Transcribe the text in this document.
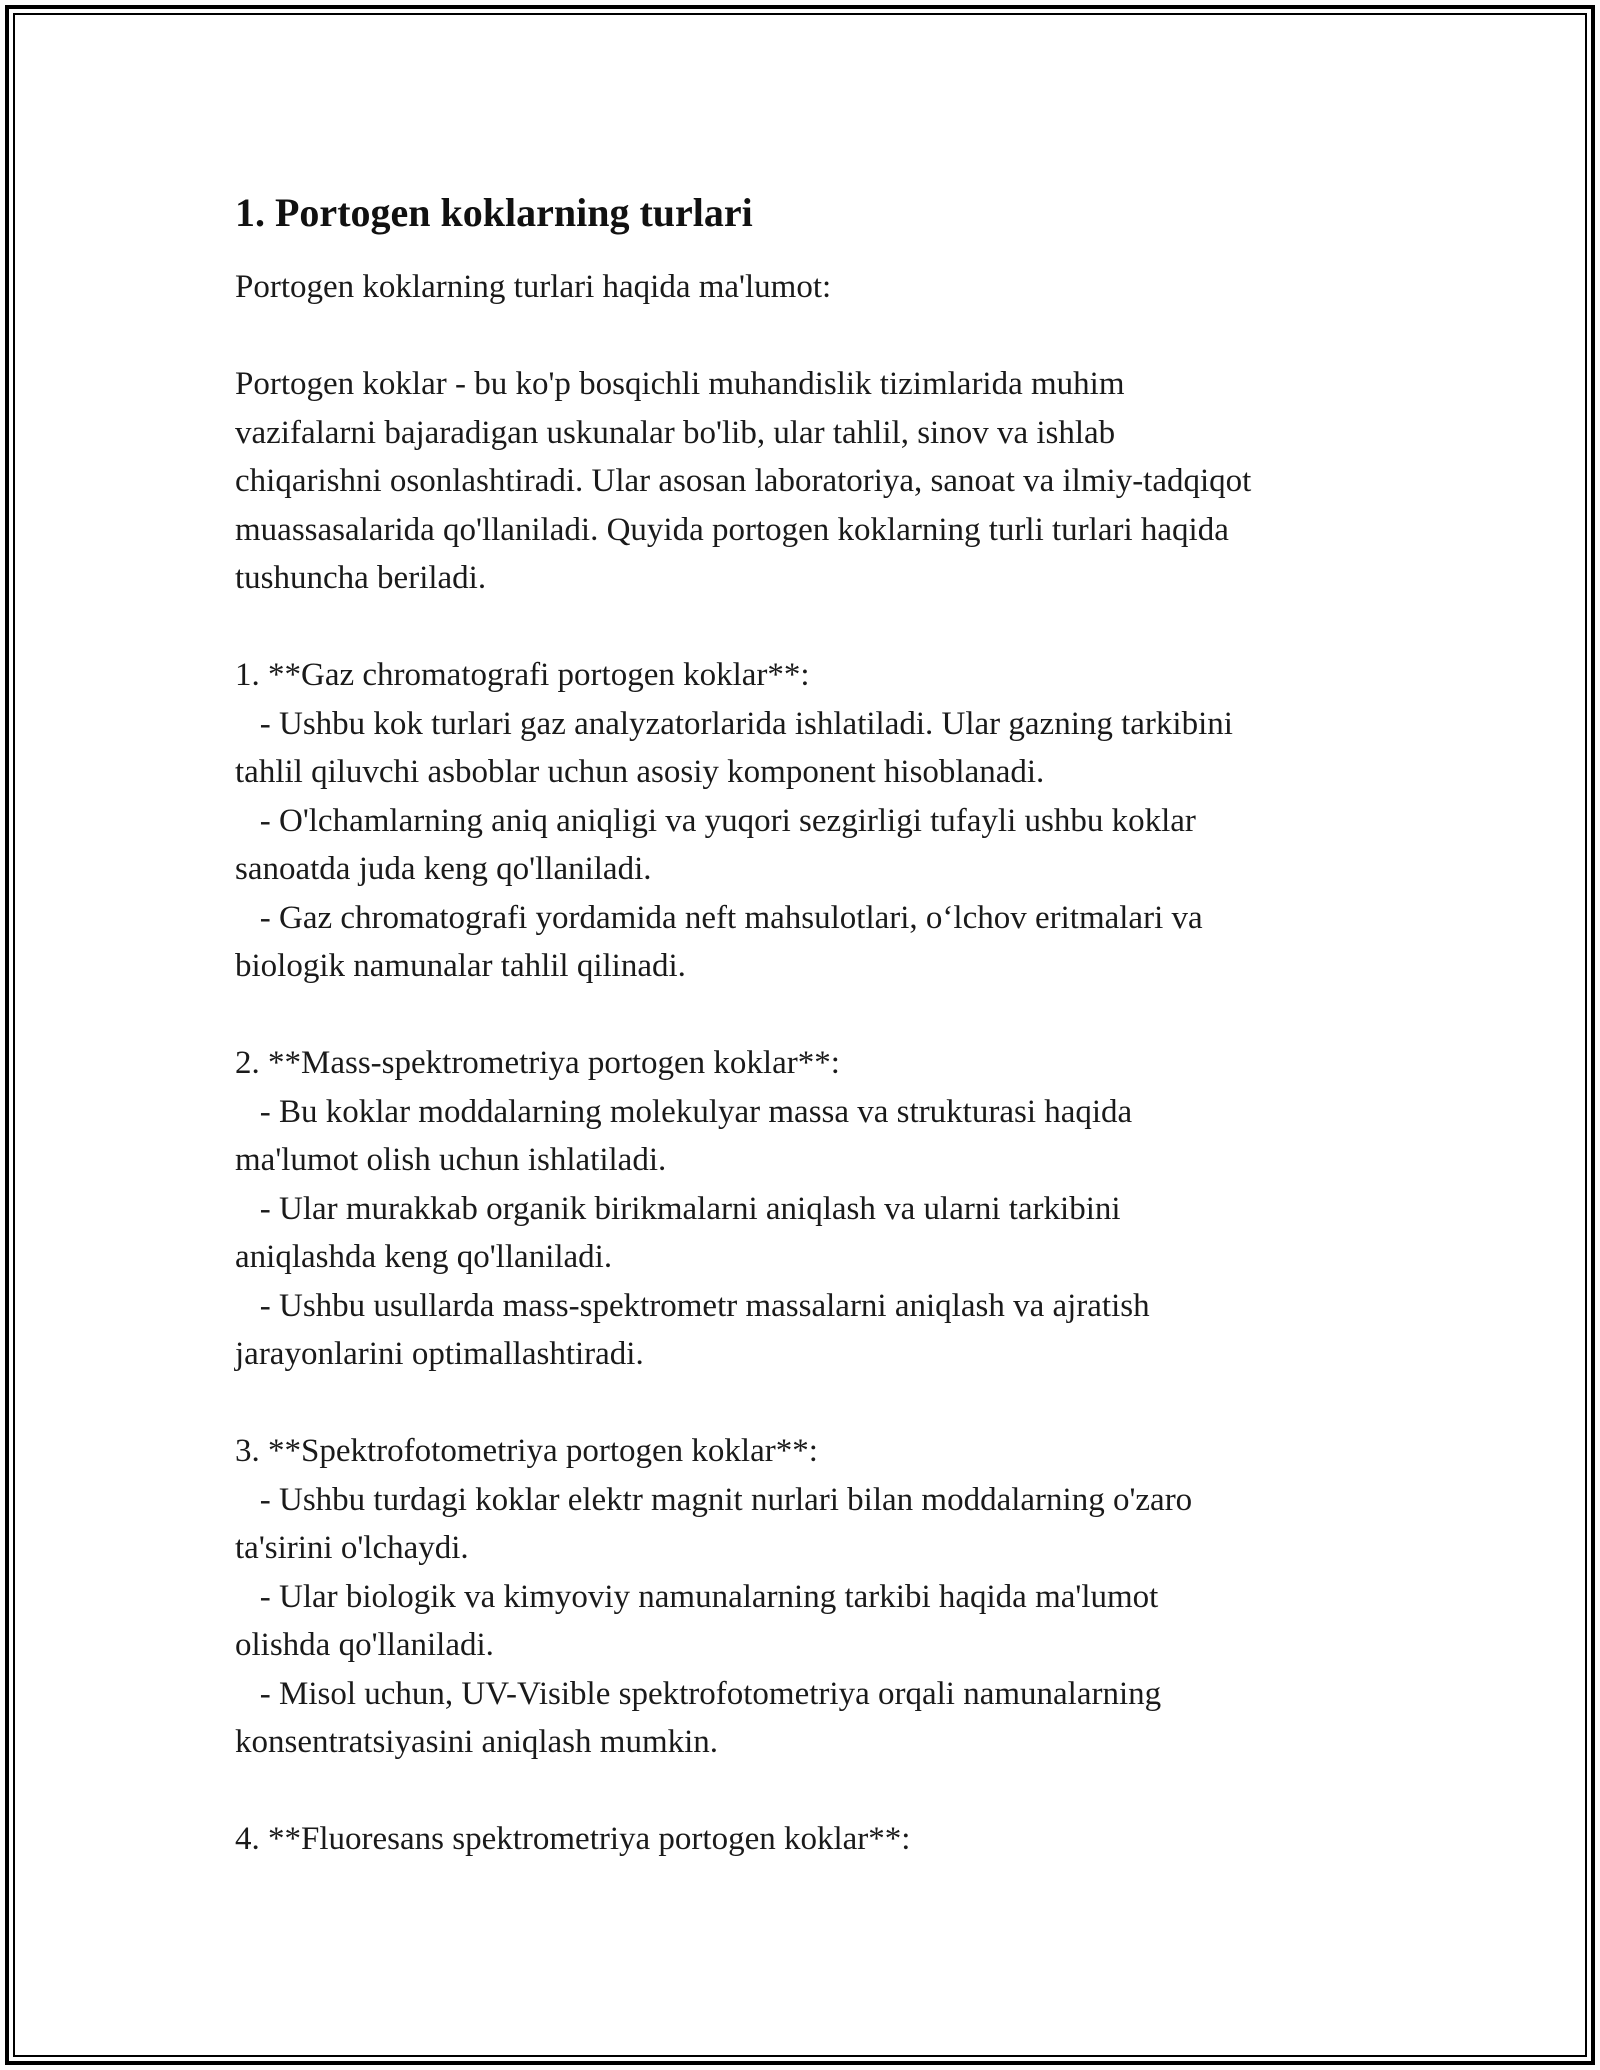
1. Portogen koklarning turlari
Portogen koklarning turlari haqida ma'lumot:
Portogen koklar - bu ko'p bosqichli muhandislik tizimlarida muhim
vazifalarni bajaradigan uskunalar bo'lib, ular tahlil, sinov va ishlab
chiqarishni osonlashtiradi. Ular asosan laboratoriya, sanoat va ilmiy-tadqiqot
muassasalarida qo'llaniladi. Quyida portogen koklarning turli turlari haqida
tushuncha beriladi.
1. **Gaz chromatografi portogen koklar**:
- Ushbu kok turlari gaz analyzatorlarida ishlatiladi. Ular gazning tarkibini
tahlil qiluvchi asboblar uchun asosiy komponent hisoblanadi.
- O'lchamlarning aniq aniqligi va yuqori sezgirligi tufayli ushbu koklar
sanoatda juda keng qo'llaniladi.
- Gaz chromatografi yordamida neft mahsulotlari, o‘lchov eritmalari va
biologik namunalar tahlil qilinadi.
2. **Mass-spektrometriya portogen koklar**:
- Bu koklar moddalarning molekulyar massa va strukturasi haqida
ma'lumot olish uchun ishlatiladi.
- Ular murakkab organik birikmalarni aniqlash va ularni tarkibini
aniqlashda keng qo'llaniladi.
- Ushbu usullarda mass-spektrometr massalarni aniqlash va ajratish
jarayonlarini optimallashtiradi.
3. **Spektrofotometriya portogen koklar**:
- Ushbu turdagi koklar elektr magnit nurlari bilan moddalarning o'zaro
ta'sirini o'lchaydi.
- Ular biologik va kimyoviy namunalarning tarkibi haqida ma'lumot
olishda qo'llaniladi.
- Misol uchun, UV-Visible spektrofotometriya orqali namunalarning
konsentratsiyasini aniqlash mumkin.
4. **Fluoresans spektrometriya portogen koklar**:
